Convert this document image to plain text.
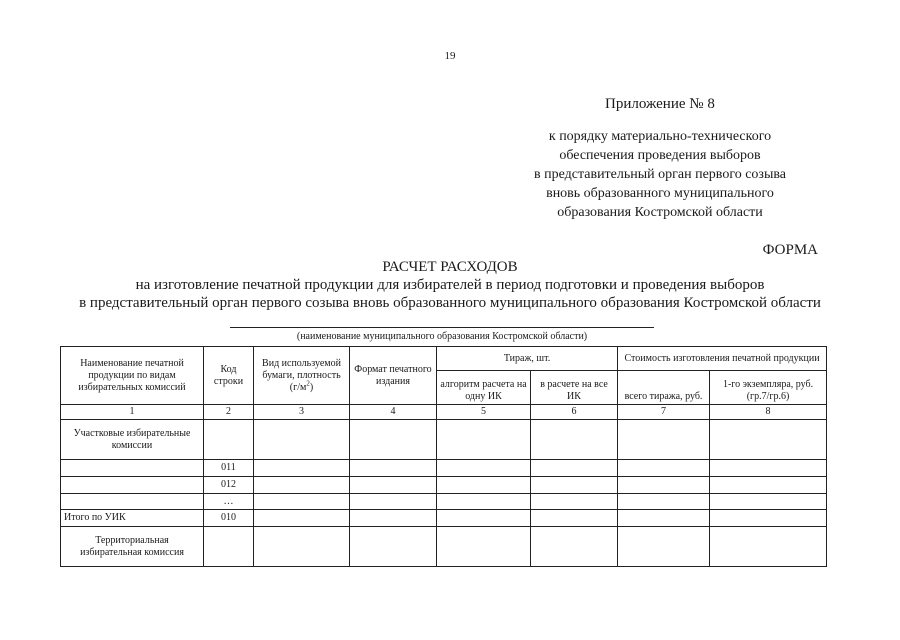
19
Приложение № 8
к порядку материально-технического
обеспечения проведения выборов
в представительный орган первого созыва
вновь образованного муниципального
образования Костромской области
ФОРМА
РАСЧЕТ РАСХОДОВ
на изготовление печатной продукции для избирателей в период подготовки и проведения выборов
в представительный орган первого созыва вновь образованного муниципального образования Костромской области
(наименование муниципального образования Костромской области)
Наименование печатной продукции по видам избирательных комиссий	Код строки	Вид используемой бумаги, плотность $(г/м^2)$	Формат печатного издания	Тираж, шт.		Стоимость изготовления печатной продукции	
				алгоритм расчета на одну ИК	в расчете на все ИК	всего тиража, руб.	1-го экземпляра, руб. (гр.7/гр.6)
1	2	3	4	5	6	7	8
Участковые избирательные комиссии							
	011						
	012						
	…						
Итого по УИК	010						
Территориальная избирательная комиссия							
